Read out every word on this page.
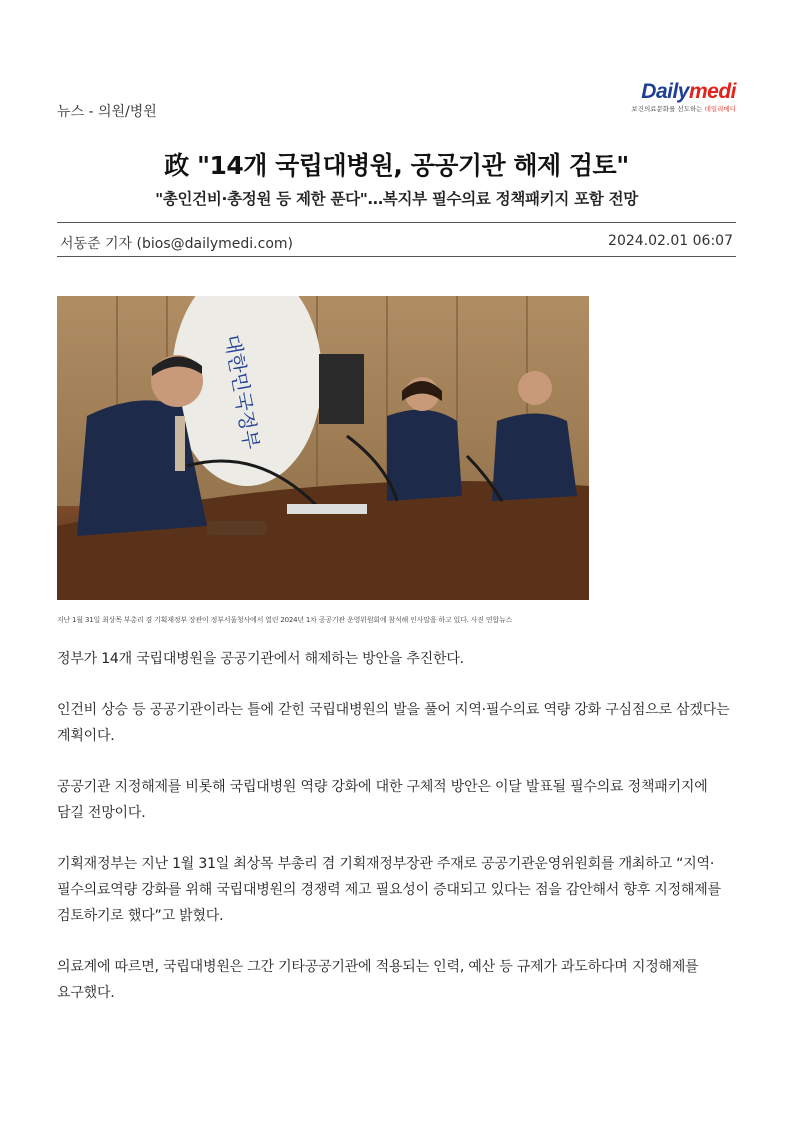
뉴스 - 의원/병원
Dailymedi
보건의료문화를 선도하는 데일리메디
政 "14개 국립대병원, 공공기관 해제 검토"
"총인건비·총정원 등 제한 푼다"…복지부 필수의료 정책패키지 포함 전망
서동준 기자 (bios@dailymedi.com)	2024.02.01 06:07
대한민국정부
지난 1월 31일 최상목 부총리 겸 기획재정부 장관이 정부서울청사에서 열린 2024년 1차 공공기관 운영위원회에 참석해 인사말을 하고 있다. 사진 연합뉴스

정부가 14개 국립대병원을 공공기관에서 해제하는 방안을 추진한다.

인건비 상승 등 공공기관이라는 틀에 갇힌 국립대병원의 발을 풀어 지역·필수의료 역량 강화 구심점으로 삼겠다는 계획이다.

공공기관 지정해제를 비롯해 국립대병원 역량 강화에 대한 구체적 방안은 이달 발표될 필수의료 정책패키지에 담길 전망이다.

기획재정부는 지난 1월 31일 최상목 부총리 겸 기획재정부장관 주재로 공공기관운영위원회를 개최하고 “지역·필수의료역량 강화를 위해 국립대병원의 경쟁력 제고 필요성이 증대되고 있다는 점을 감안해서 향후 지정해제를 검토하기로 했다”고 밝혔다.

의료계에 따르면, 국립대병원은 그간 기타공공기관에 적용되는 인력, 예산 등 규제가 과도하다며 지정해제를 요구했다.
